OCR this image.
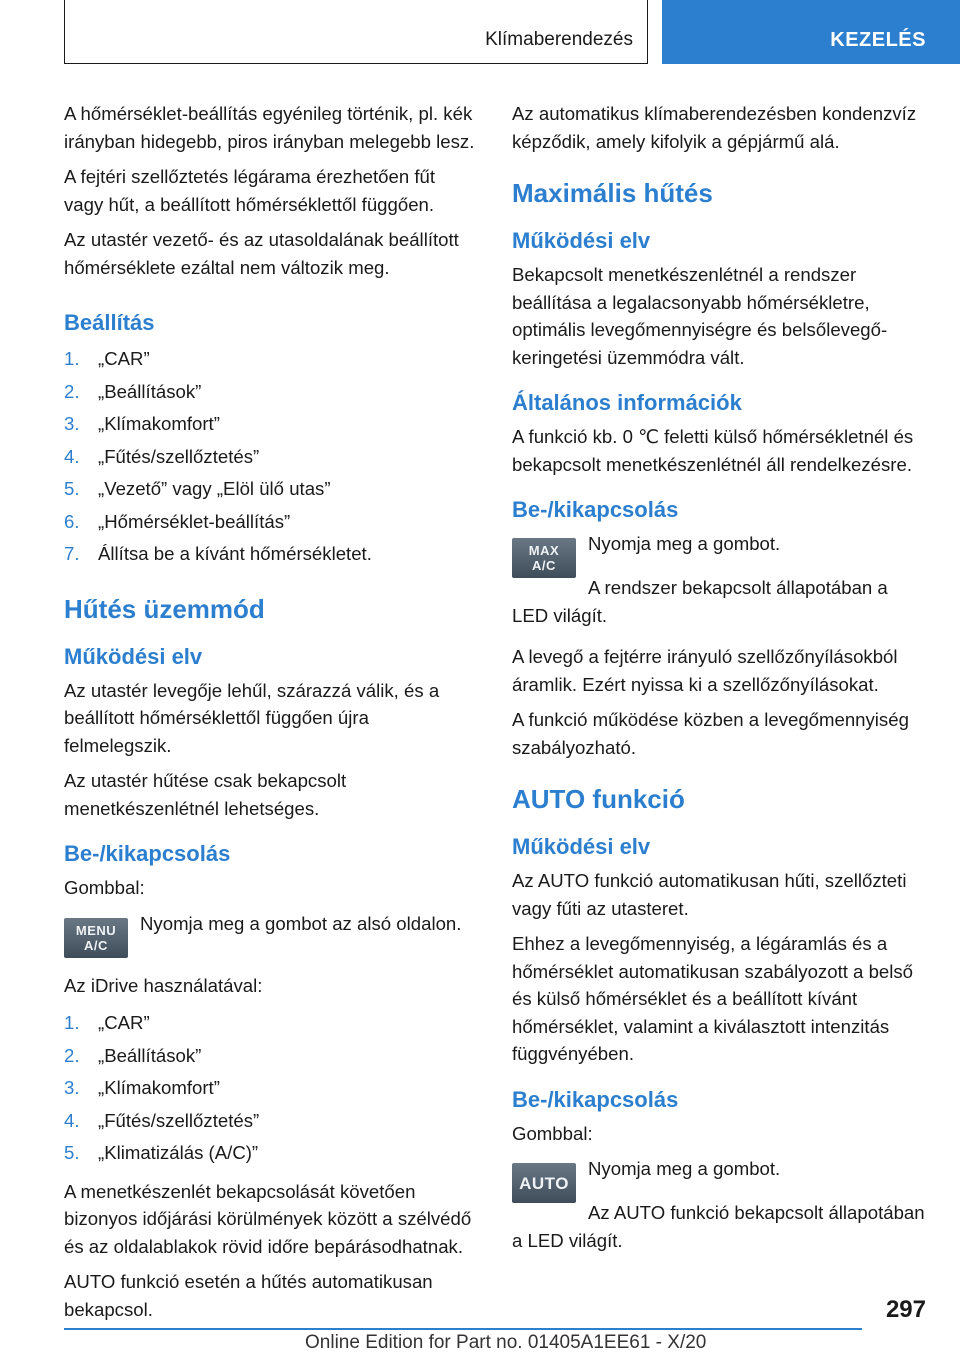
Klímaberendezés	KEZELÉS

A hőmérséklet-beállítás egyénileg történik, pl. kék irányban hidegebb, piros irányban melegebb lesz.

A fejtéri szellőztetés légárama érezhetően fűt vagy hűt, a beállított hőmérséklettől függően.

Az utastér vezető- és az utasoldalának beállított hőmérséklete ezáltal nem változik meg.

Beállítás
1. „CAR”
2. „Beállítások”
3. „Klímakomfort”
4. „Fűtés/szellőztetés”
5. „Vezető” vagy „Elöl ülő utas”
6. „Hőmérséklet-beállítás”
7. Állítsa be a kívánt hőmérsékletet.
Hűtés üzemmód
Működési elv

Az utastér levegője lehűl, szárazzá válik, és a beállított hőmérséklettől függően újra felmelegszik.

Az utastér hűtése csak bekapcsolt menetkészenlétnél lehetséges.

Be-/kikapcsolás

Gombbal:

MENU
A/C

Nyomja meg a gombot az alsó oldalon.

Az iDrive használatával:

1. „CAR”
2. „Beállítások”
3. „Klímakomfort”
4. „Fűtés/szellőztetés”
5. „Klimatizálás (A/C)”

A menetkészenlét bekapcsolását követően bizonyos időjárási körülmények között a szélvédő és az oldalablakok rövid időre bepárásodhatnak.

AUTO funkció esetén a hűtés automatikusan bekapcsol.

Az automatikus klímaberendezésben kondenzvíz képződik, amely kifolyik a gépjármű alá.

Maximális hűtés
Működési elv

Bekapcsolt menetkészenlétnél a rendszer beállítása a legalacsonyabb hőmérsékletre, optimális levegőmennyiségre és belsőlevegő-keringetési üzemmódra vált.

Általános információk

A funkció kb. 0 ℃ feletti külső hőmérsékletnél és bekapcsolt menetkészenlétnél áll rendelkezésre.

Be-/kikapcsolás
MAX
A/C

Nyomja meg a gombot.

A rendszer bekapcsolt állapotában a LED világít.

A levegő a fejtérre irányuló szellőzőnyílásokból áramlik. Ezért nyissa ki a szellőzőnyílásokat.

A funkció működése közben a levegőmennyiség szabályozható.

AUTO funkció
Működési elv

Az AUTO funkció automatikusan hűti, szellőzteti vagy fűti az utasteret.

Ehhez a levegőmennyiség, a légáramlás és a hőmérséklet automatikusan szabályozott a belső és külső hőmérséklet és a beállított kívánt hőmérséklet, valamint a kiválasztott intenzitás függvényében.

Be-/kikapcsolás

Gombbal:

AUTO

Nyomja meg a gombot.

Az AUTO funkció bekapcsolt állapotában a LED világít.

297
Online Edition for Part no. 01405A1EE61 - X/20
